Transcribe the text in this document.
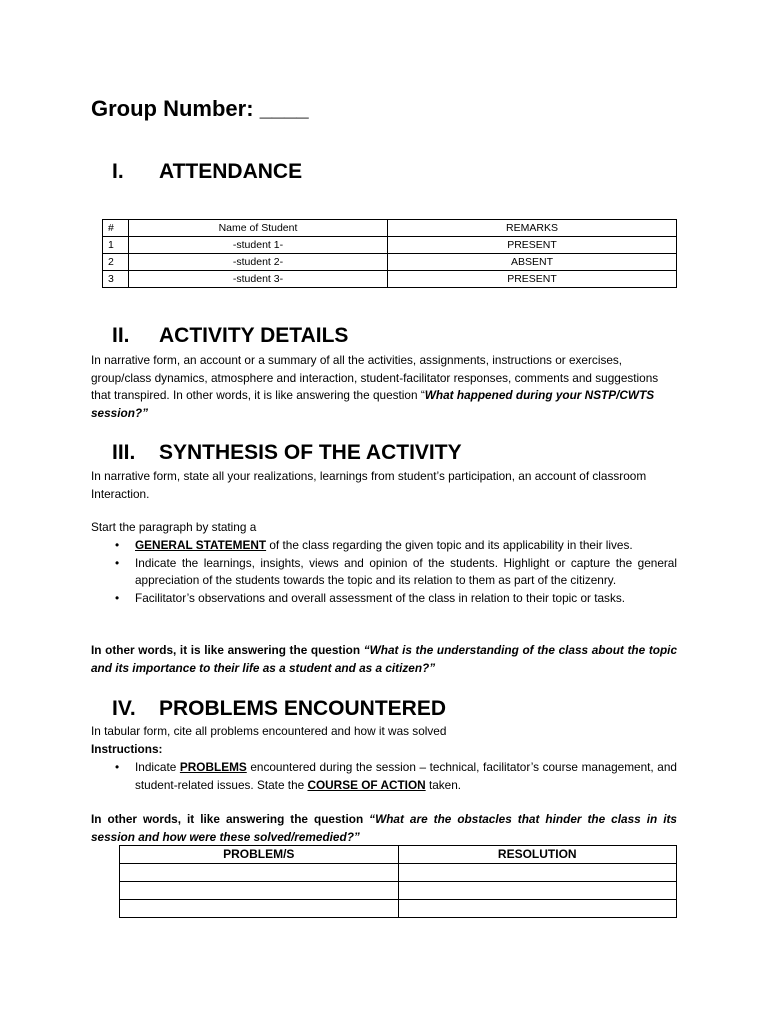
Group Number: ____
I. ATTENDANCE
#	Name of Student	REMARKS
1	-student 1-	PRESENT
2	-student 2-	ABSENT
3	-student 3-	PRESENT
II. ACTIVITY DETAILS
In narrative form, an account or a summary of all the activities, assignments, instructions or exercises, group/class dynamics, atmosphere and interaction, student-facilitator responses, comments and suggestions that transpired. In other words, it is like answering the question “What happened during your NSTP/CWTS session?”
III. SYNTHESIS OF THE ACTIVITY
In narrative form, state all your realizations, learnings from student’s participation, an account of classroom Interaction.
Start the paragraph by stating a
• GENERAL STATEMENT of the class regarding the given topic and its applicability in their lives.
• Indicate the learnings, insights, views and opinion of the students. Highlight or capture the general appreciation of the students towards the topic and its relation to them as part of the citizenry.
• Facilitator’s observations and overall assessment of the class in relation to their topic or tasks.
In other words, it is like answering the question “What is the understanding of the class about the topic and its importance to their life as a student and as a citizen?”
IV. PROBLEMS ENCOUNTERED
In tabular form, cite all problems encountered and how it was solved
Instructions:
• Indicate PROBLEMS encountered during the session – technical, facilitator’s course management, and student-related issues. State the COURSE OF ACTION taken.
In other words, it like answering the question “What are the obstacles that hinder the class in its session and how were these solved/remedied?”
PROBLEM/S	RESOLUTION
